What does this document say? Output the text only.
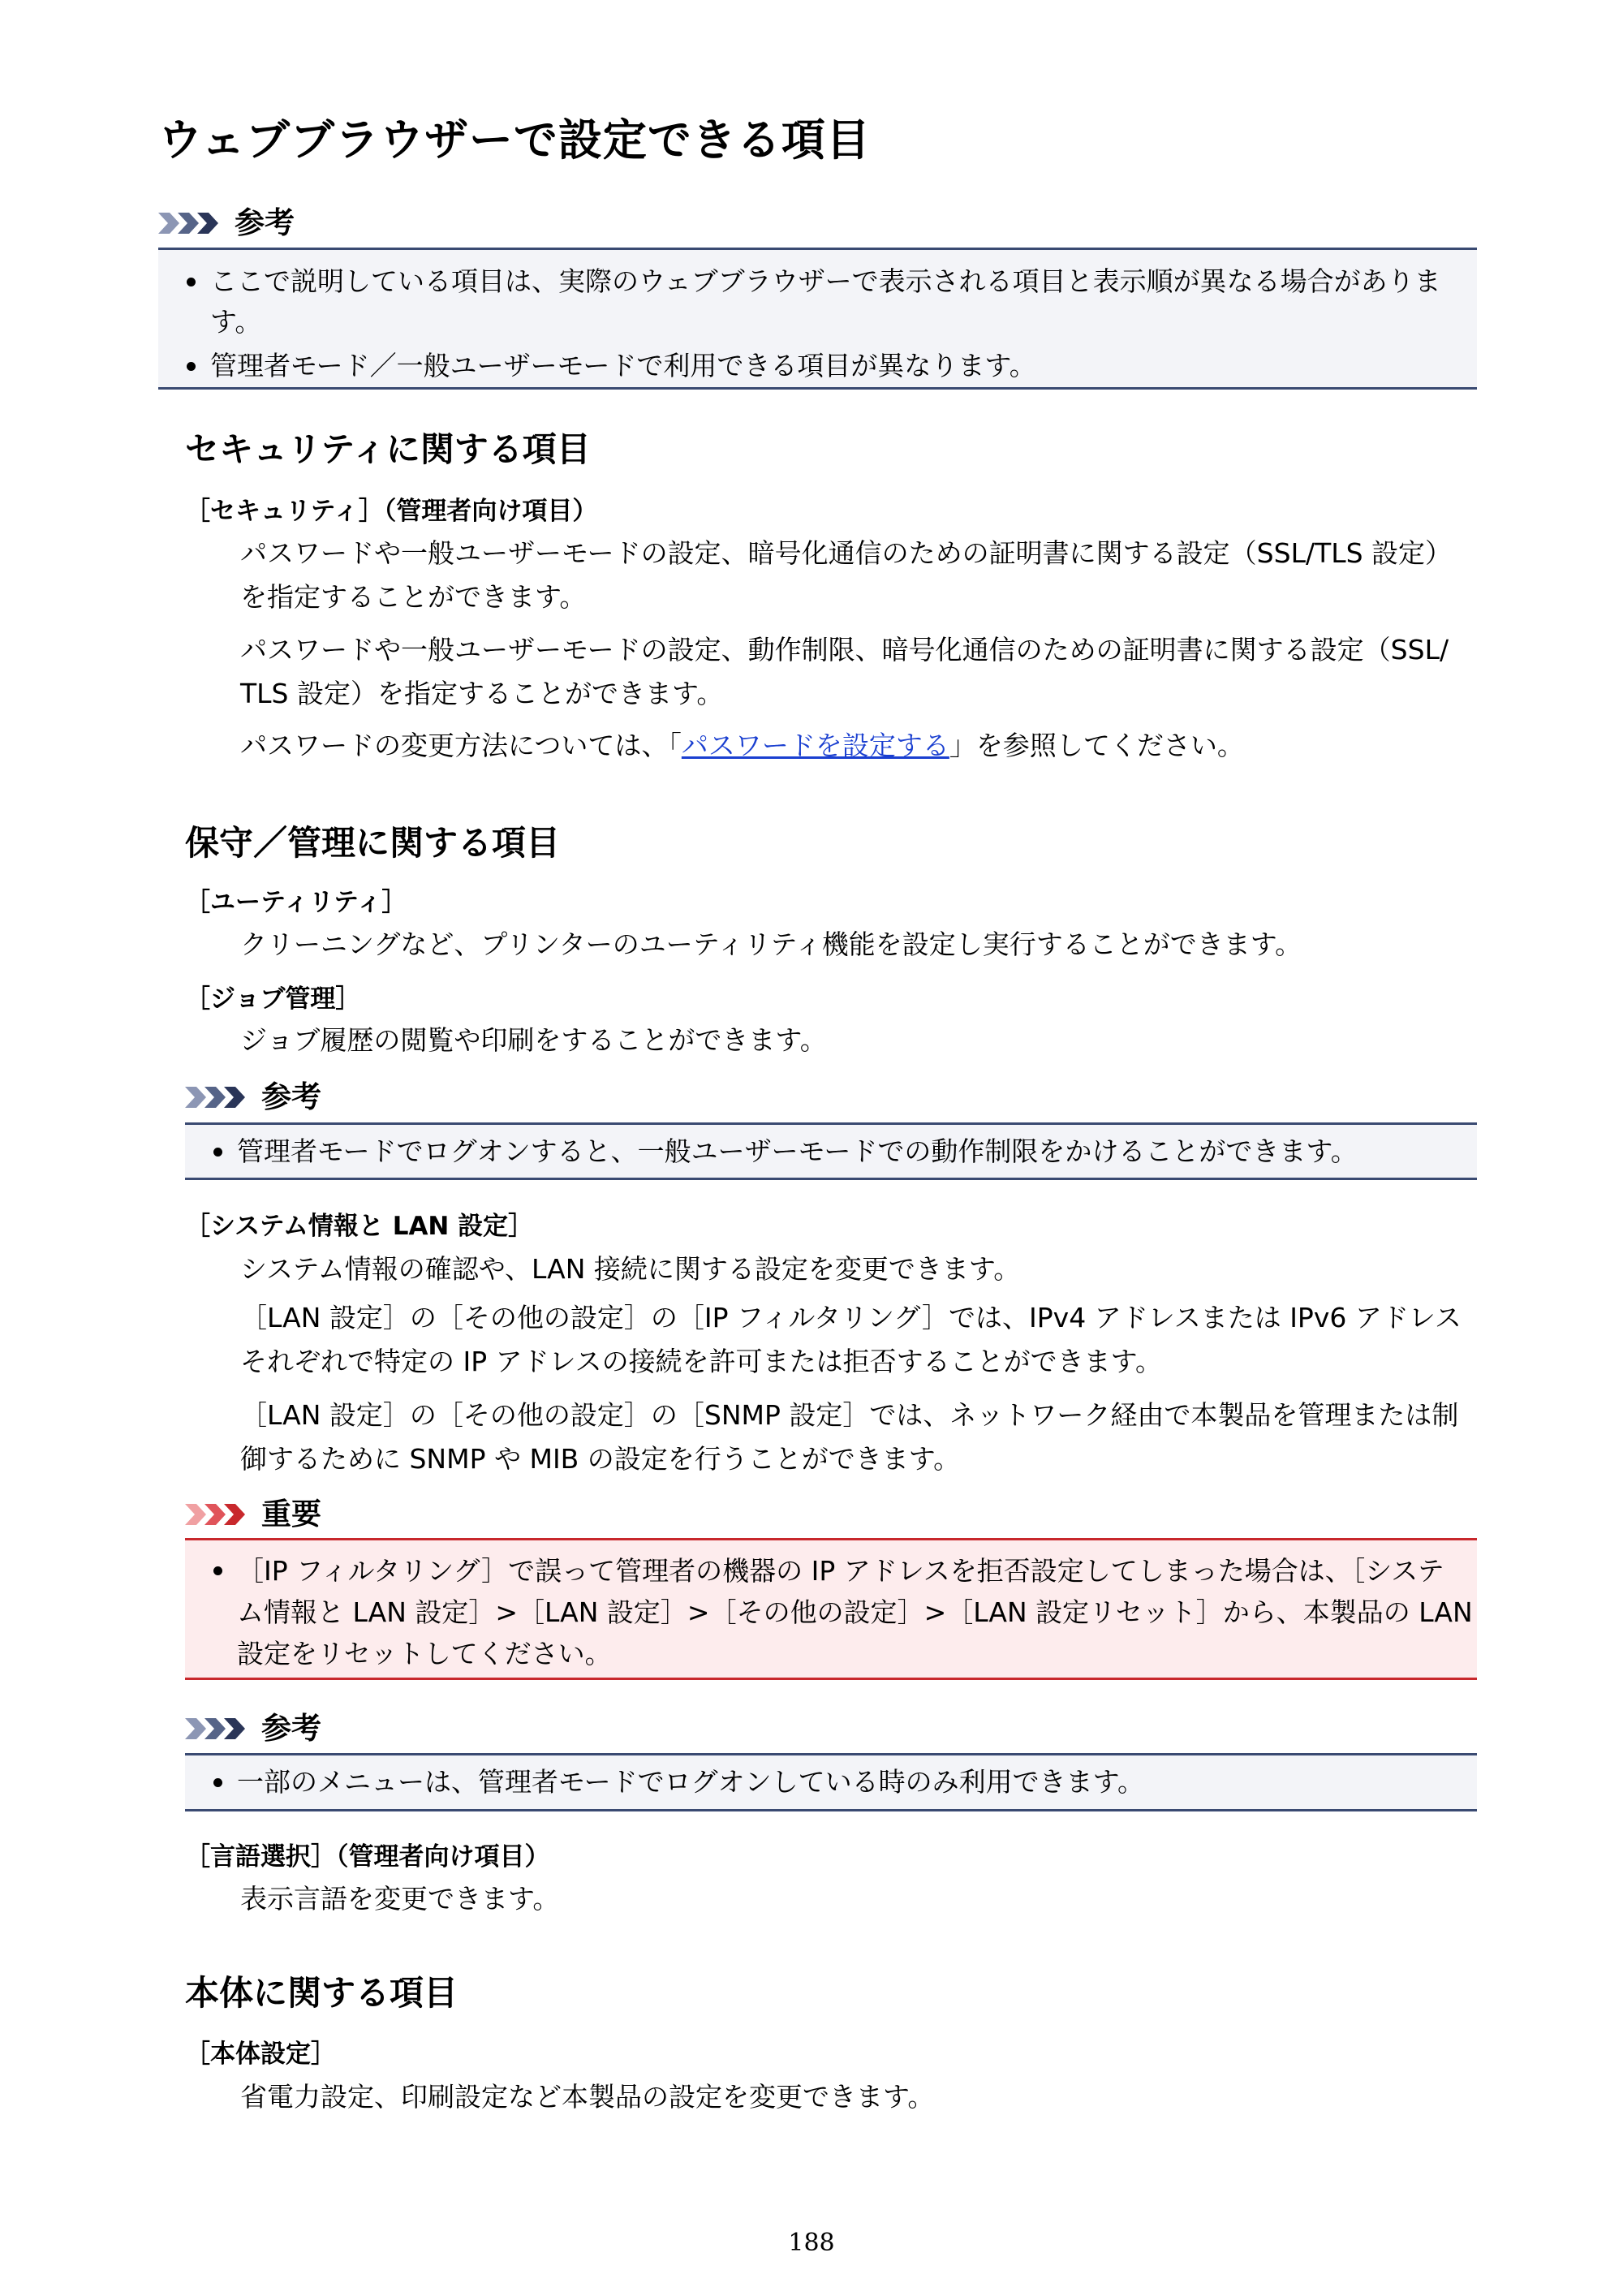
ウェブブラウザーで設定できる項目
参考
ここで説明している項目は、実際のウェブブラウザーで表示される項目と表示順が異なる場合がありま
す。
管理者モード／一般ユーザーモードで利用できる項目が異なります。
セキュリティに関する項目
［セキュリティ］（管理者向け項目）
パスワードや一般ユーザーモードの設定、暗号化通信のための証明書に関する設定（SSL/TLS 設定）
を指定することができます。
パスワードや一般ユーザーモードの設定、動作制限、暗号化通信のための証明書に関する設定（SSL/
TLS 設定）を指定することができます。
パスワードの変更方法については、「パスワードを設定する」を参照してください。
保守／管理に関する項目
［ユーティリティ］
クリーニングなど、プリンターのユーティリティ機能を設定し実行することができます。
［ジョブ管理］
ジョブ履歴の閲覧や印刷をすることができます。
参考
管理者モードでログオンすると、一般ユーザーモードでの動作制限をかけることができます。
［システム情報と LAN 設定］
システム情報の確認や、LAN 接続に関する設定を変更できます。
［LAN 設定］の［その他の設定］の［IP フィルタリング］では、IPv4 アドレスまたは IPv6 アドレス
それぞれで特定の IP アドレスの接続を許可または拒否することができます。
［LAN 設定］の［その他の設定］の［SNMP 設定］では、ネットワーク経由で本製品を管理または制
御するために SNMP や MIB の設定を行うことができます。
重要
［IP フィルタリング］で誤って管理者の機器の IP アドレスを拒否設定してしまった場合は、［システ
ム情報と LAN 設定］>［LAN 設定］>［その他の設定］>［LAN 設定リセット］から、本製品の LAN
設定をリセットしてください。
参考
一部のメニューは、管理者モードでログオンしている時のみ利用できます。
［言語選択］（管理者向け項目）
表示言語を変更できます。
本体に関する項目
［本体設定］
省電力設定、印刷設定など本製品の設定を変更できます。
188
